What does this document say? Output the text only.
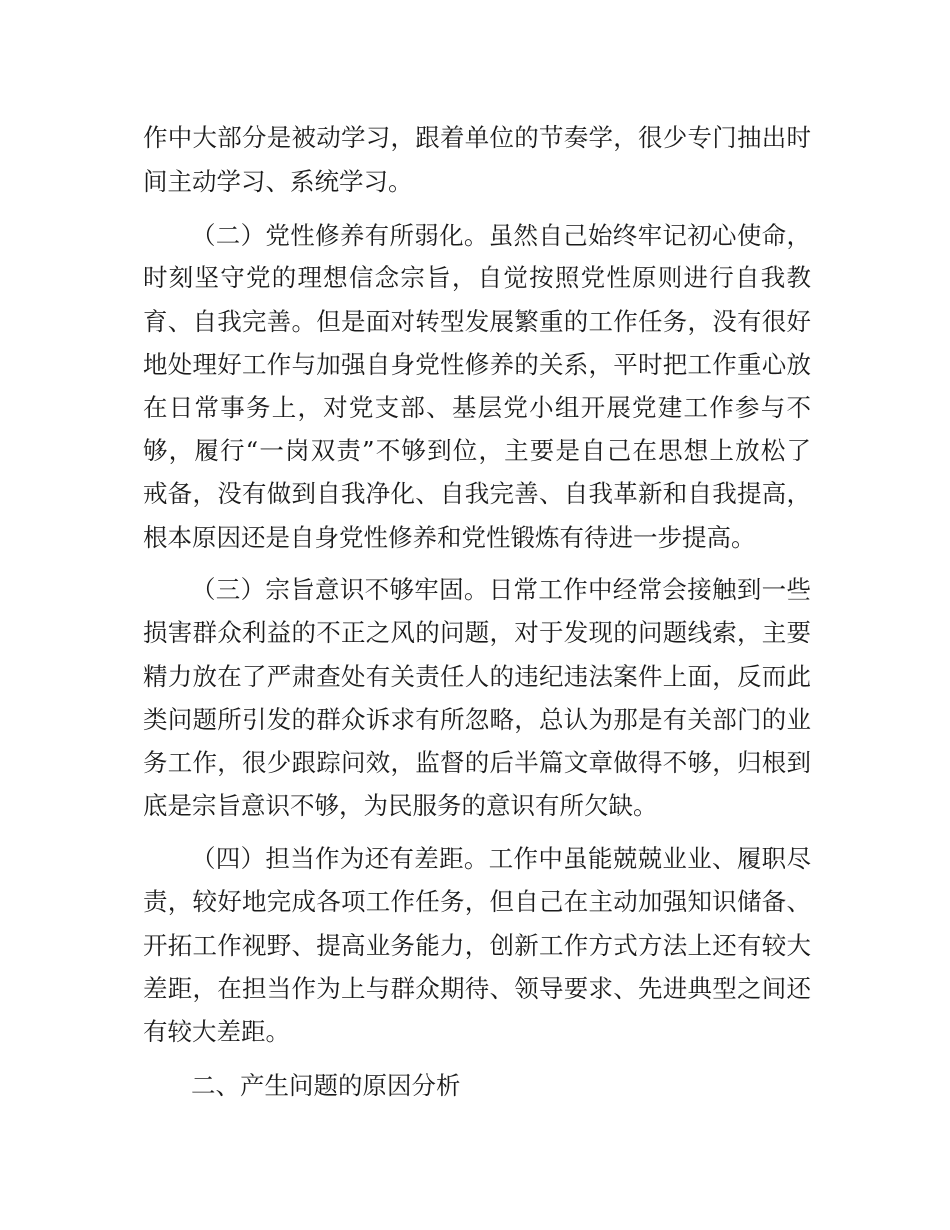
作中大部分是被动学习，跟着单位的节奏学，很少专门抽出时

间主动学习、系统学习。

（二）党性修养有所弱化。虽然自己始终牢记初心使命，

时刻坚守党的理想信念宗旨，自觉按照党性原则进行自我教

育、自我完善。但是面对转型发展繁重的工作任务，没有很好

地处理好工作与加强自身党性修养的关系，平时把工作重心放

在日常事务上，对党支部、基层党小组开展党建工作参与不

够，履行“一岗双责”不够到位，主要是自己在思想上放松了

戒备，没有做到自我净化、自我完善、自我革新和自我提高，

根本原因还是自身党性修养和党性锻炼有待进一步提高。

（三）宗旨意识不够牢固。日常工作中经常会接触到一些

损害群众利益的不正之风的问题，对于发现的问题线索，主要

精力放在了严肃查处有关责任人的违纪违法案件上面，反而此

类问题所引发的群众诉求有所忽略，总认为那是有关部门的业

务工作，很少跟踪问效，监督的后半篇文章做得不够，归根到

底是宗旨意识不够，为民服务的意识有所欠缺。

（四）担当作为还有差距。工作中虽能兢兢业业、履职尽

责，较好地完成各项工作任务，但自己在主动加强知识储备、

开拓工作视野、提高业务能力，创新工作方式方法上还有较大

差距，在担当作为上与群众期待、领导要求、先进典型之间还

有较大差距。

二、产生问题的原因分析
